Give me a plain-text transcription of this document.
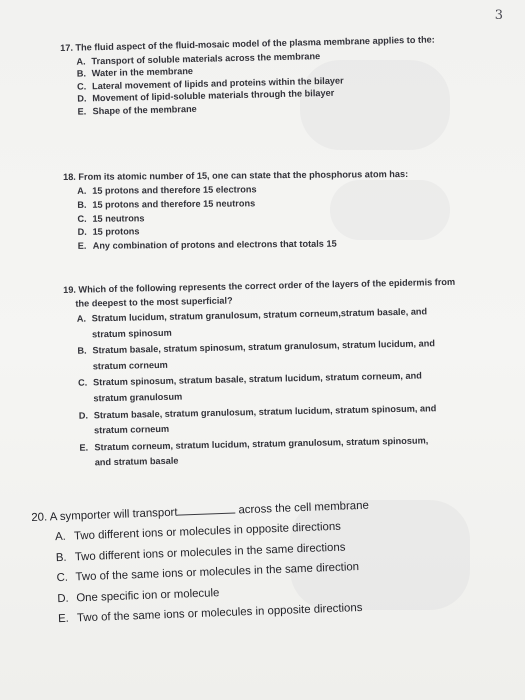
3
17. The fluid aspect of the fluid-mosaic model of the plasma membrane applies to the:
A. Transport of soluble materials across the membrane
B. Water in the membrane
C. Lateral movement of lipids and proteins within the bilayer
D. Movement of lipid-soluble materials through the bilayer
E. Shape of the membrane
18. From its atomic number of 15, one can state that the phosphorus atom has:
A. 15 protons and therefore 15 electrons
B. 15 protons and therefore 15 neutrons
C. 15 neutrons
D. 15 protons
E. Any combination of protons and electrons that totals 15
19. Which of the following represents the correct order of the layers of the epidermis from
the deepest to the most superficial?
A. Stratum lucidum, stratum granulosum, stratum corneum,stratum basale, and stratum spinosum
B. Stratum basale, stratum spinosum, stratum granulosum, stratum lucidum, and stratum corneum
C. Stratum spinosum, stratum basale, stratum lucidum, stratum corneum, and stratum granulosum
D. Stratum basale, stratum granulosum, stratum lucidum, stratum spinosum, and stratum corneum
E. Stratum corneum, stratum lucidum, stratum granulosum, stratum spinosum, and stratum basale
20. A symporter will transport	across the cell membrane
A. Two different ions or molecules in opposite directions
B. Two different ions or molecules in the same directions
C. Two of the same ions or molecules in the same direction
D. One specific ion or molecule
E. Two of the same ions or molecules in opposite directions
